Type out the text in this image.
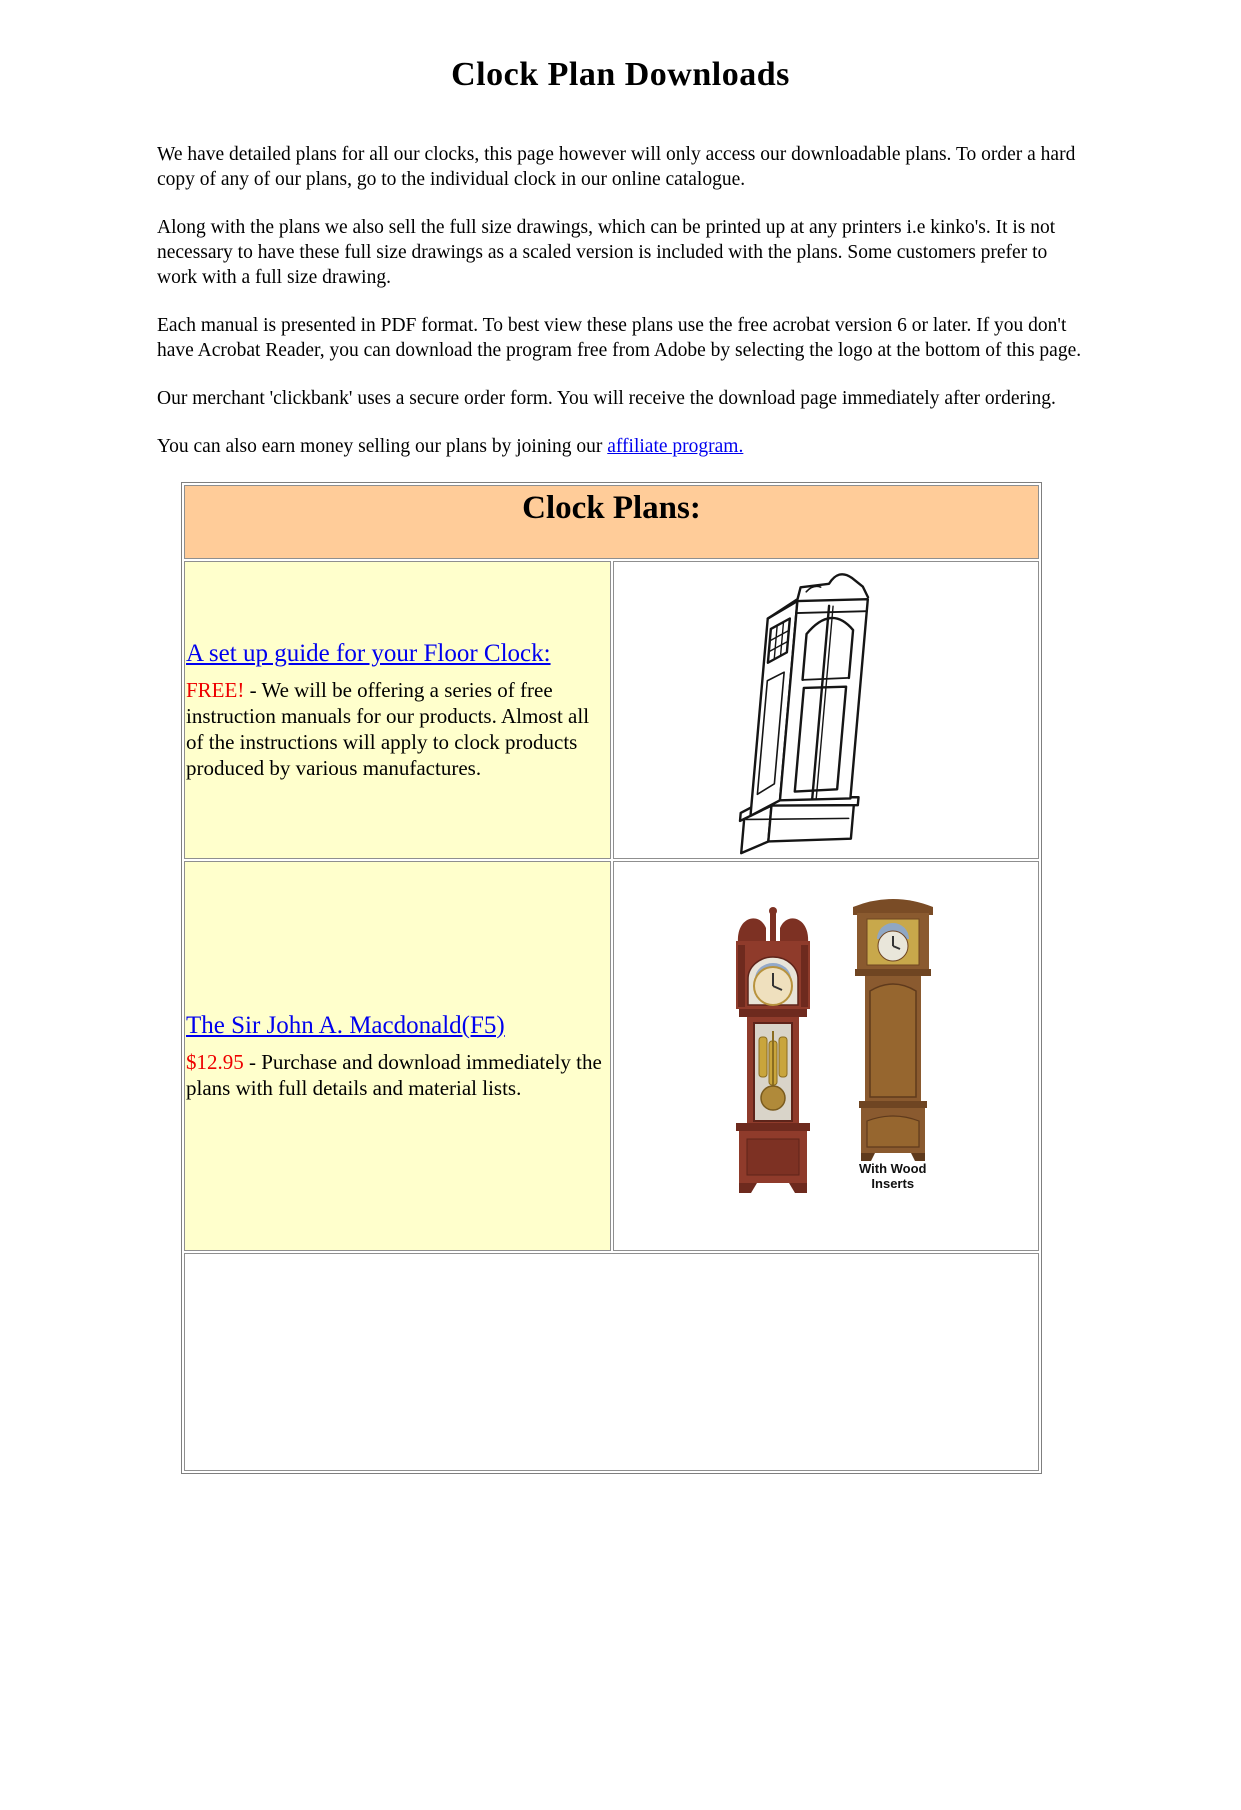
Clock Plan Downloads

We have detailed plans for all our clocks, this page however will only access our downloadable plans. To order a hard copy of any of our plans, go to the individual clock in our online catalogue.

Along with the plans we also sell the full size drawings, which can be printed up at any printers i.e kinko's. It is not necessary to have these full size drawings as a scaled version is included with the plans. Some customers prefer to work with a full size drawing.

Each manual is presented in PDF format. To best view these plans use the free acrobat version 6 or later. If you don't have Acrobat Reader, you can download the program free from Adobe by selecting the logo at the bottom of this page.

Our merchant 'clickbank' uses a secure order form. You will receive the download page immediately after ordering.

You can also earn money selling our plans by joining our affiliate program.

Clock Plans:	

A set up guide for your Floor Clock:
FREE! - We will be offering a series of free instruction manuals for our products. Almost all of the instructions will apply to clock products produced by various manufactures.

The Sir John A. Macdonald(F5)
$12.95 - Purchase and download immediately the plans with full details and material lists.

With Wood
Inserts
